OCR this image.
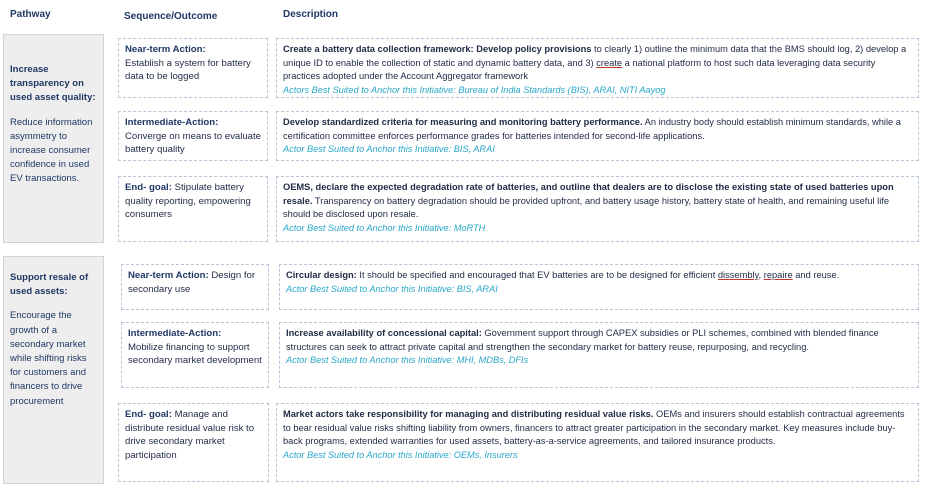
Pathway	Sequence/Outcome	Description
Increase transparency on used asset quality:
Reduce information asymmetry to increase consumer confidence in used EV transactions.
Support resale of used assets:
Encourage the growth of a secondary market while shifting risks for customers and financers to drive procurement
Near-term Action:
Establish a system for battery data to be logged
Create a battery data collection framework: Develop policy provisions to clearly 1) outline the minimum data that the BMS should log, 2) develop a unique ID to enable the collection of static and dynamic battery data, and 3) create a national platform to host such data leveraging data security practices adopted under the Account Aggregator framework
Actors Best Suited to Anchor this Initiative: Bureau of India Standards (BIS), ARAI, NITI Aayog
Intermediate-Action:
Converge on means to evaluate battery quality
Develop standardized criteria for measuring and monitoring battery performance. An industry body should establish minimum standards, while a certification committee enforces performance grades for batteries intended for second-life applications.
Actor Best Suited to Anchor this Initiative: BIS, ARAI
End- goal: Stipulate battery quality reporting, empowering consumers
OEMS, declare the expected degradation rate of batteries, and outline that dealers are to disclose the existing state of used batteries upon resale. Transparency on battery degradation should be provided upfront, and battery usage history, battery state of health, and remaining useful life should be disclosed upon resale.
Actor Best Suited to Anchor this Initiative: MoRTH
Near-term Action: Design for secondary use
Circular design: It should be specified and encouraged that EV batteries are to be designed for efficient dissembly, repaire and reuse.
Actor Best Suited to Anchor this Initiative: BIS, ARAI
Intermediate-Action:
Mobilize financing to support secondary market development
Increase availability of concessional capital: Government support through CAPEX subsidies or PLI schemes, combined with blended finance structures can seek to attract private capital and strengthen the secondary market for battery reuse, repurposing, and recycling.
Actor Best Suited to Anchor this Initiative: MHI, MDBs, DFIs
End- goal: Manage and distribute residual value risk to drive secondary market participation
Market actors take responsibility for managing and distributing residual value risks. OEMs and insurers should establish contractual agreements to bear residual value risks shifting liability from owners, financers to attract greater participation in the secondary market. Key measures include buy-back programs, extended warranties for used assets, battery-as-a-service agreements, and tailored insurance products.
Actor Best Suited to Anchor this Initiative: OEMs, Insurers
